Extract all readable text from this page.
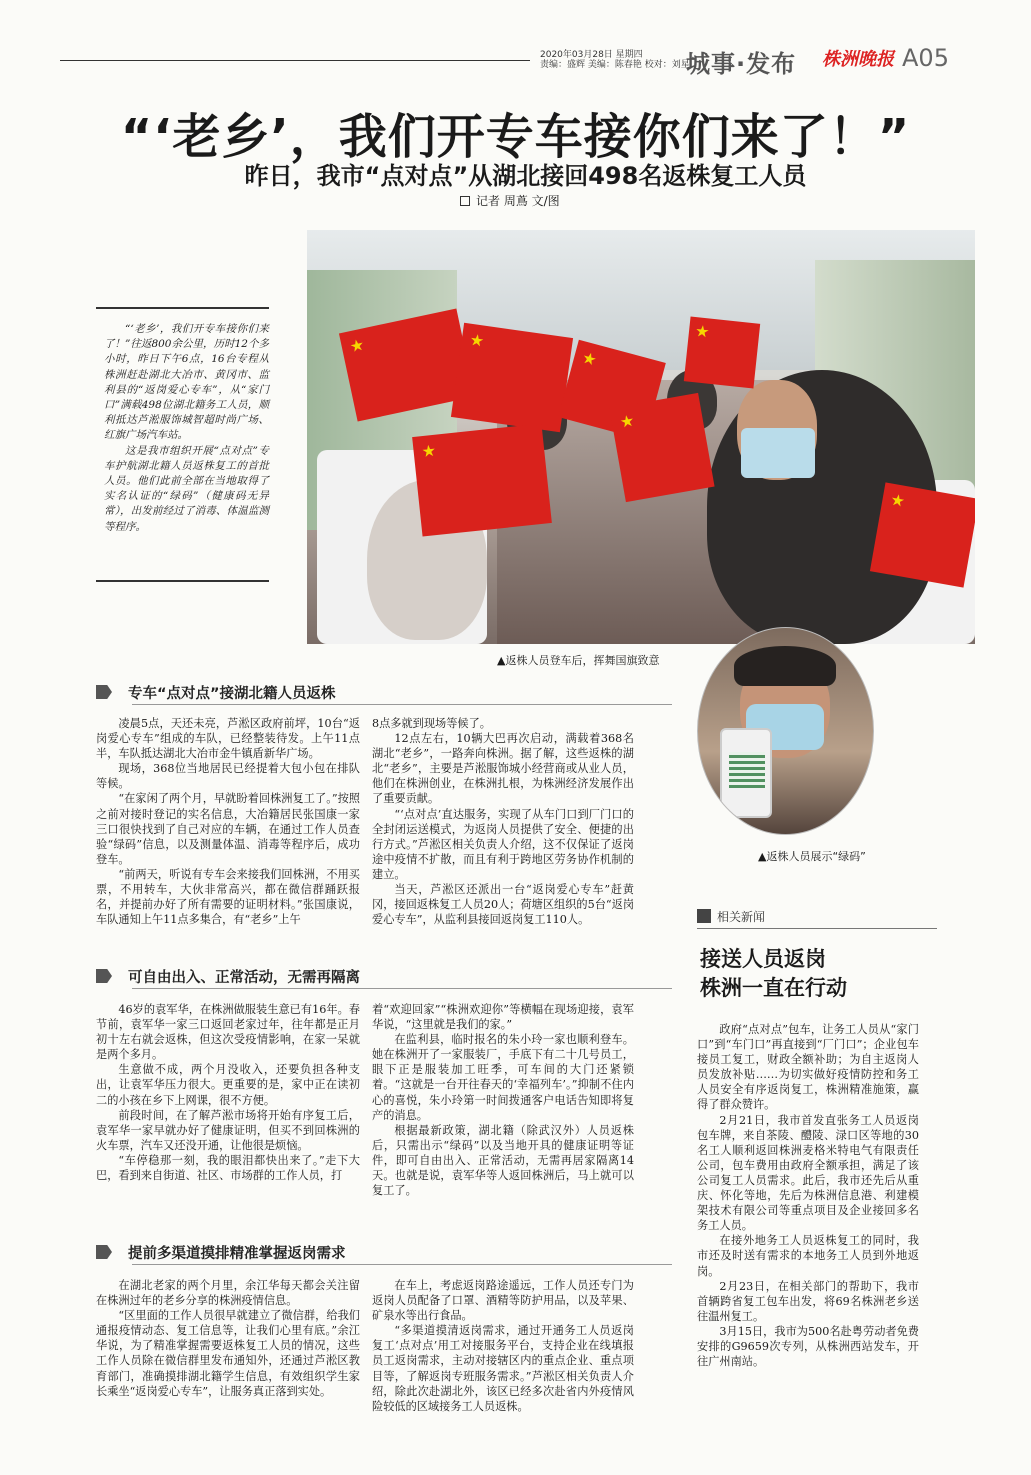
2020年03月28日 星期四
责编：盛辉 美编：陈春艳 校对：刘星
城事·发布 株洲晚报 A05
“‘老乡’，我们开专车接你们来了！”
昨日，我市“点对点”从湖北接回498名返株复工人员
记者 周蔦 文/图
★	★
★
★
★
★
★
▲返株人员登车后，挥舞国旗致意
▲返株人员展示“绿码”

“‘老乡’，我们开专车接你们来了！”往返800余公里，历时12个多小时，昨日下午6点，16台专程从株洲赶赴湖北大冶市、黄冈市、监利县的“返岗爱心专车”，从“家门口”满载498位湖北籍务工人员，顺利抵达芦淞服饰城智超时尚广场、红旗广场汽车站。

这是我市组织开展“点对点”专车护航湖北籍人员返株复工的首批人员。他们此前全部在当地取得了实名认证的“绿码”（健康码无异常），出发前经过了消毒、体温监测等程序。

专车“点对点”接湖北籍人员返株

凌晨5点，天还未亮，芦淞区政府前坪，10台“返岗爱心专车”组成的车队，已经整装待发。上午11点半，车队抵达湖北大冶市金牛镇盾新华广场。

现场，368位当地居民已经提着大包小包在排队等候。

“在家闲了两个月，早就盼着回株洲复工了。”按照之前对接时登记的实名信息，大冶籍居民张国康一家三口很快找到了自己对应的车辆，在通过工作人员查验“绿码”信息，以及测量体温、消毒等程序后，成功登车。

“前两天，听说有专车会来接我们回株洲，不用买票，不用转车，大伙非常高兴，都在微信群踊跃报名，并提前办好了所有需要的证明材料。”张国康说，车队通知上午11点多集合，有“老乡”上午

8点多就到现场等候了。

12点左右，10辆大巴再次启动，满载着368名湖北“老乡”，一路奔向株洲。据了解，这些返株的湖北“老乡”，主要是芦淞服饰城小经营商或从业人员，他们在株洲创业，在株洲扎根，为株洲经济发展作出了重要贡献。

“‘点对点’直达服务，实现了从车门口到厂门口的全封闭运送模式，为返岗人员提供了安全、便捷的出行方式。”芦淞区相关负责人介绍，这不仅保证了返岗途中疫情不扩散，而且有利于跨地区劳务协作机制的建立。

当天，芦淞区还派出一台“返岗爱心专车”赶黄冈，接回返株复工人员20人；荷塘区组织的5台“返岗爱心专车”，从监利县接回返岗复工110人。

可自由出入、正常活动，无需再隔离

46岁的袁军华，在株洲做服装生意已有16年。春节前，袁军华一家三口返回老家过年，往年都是正月初十左右就会返株，但这次受疫情影响，在家一呆就是两个多月。

生意做不成，两个月没收入，还要负担各种支出，让袁军华压力很大。更重要的是，家中正在读初二的小孩在乡下上网课，很不方便。

前段时间，在了解芦淞市场将开始有序复工后，袁军华一家早就办好了健康证明，但买不到回株洲的火车票，汽车又还没开通，让他很是烦恼。

“车停稳那一刻，我的眼泪都快出来了。”走下大巴，看到来自街道、社区、市场群的工作人员，打

着“欢迎回家”“株洲欢迎你”等横幅在现场迎接，袁军华说，“这里就是我们的家。”

在监利县，临时报名的朱小玲一家也顺利登车。她在株洲开了一家服装厂，手底下有二十几号员工，眼下正是服装加工旺季，可车间的大门还紧锁着。“这就是一台开往春天的‘幸福列车’。”抑制不住内心的喜悦，朱小玲第一时间拨通客户电话告知即将复产的消息。

根据最新政策，湖北籍（除武汉外）人员返株后，只需出示“绿码”以及当地开具的健康证明等证件，即可自由出入、正常活动，无需再居家隔离14天。也就是说，袁军华等人返回株洲后，马上就可以复工了。

提前多渠道摸排精准掌握返岗需求

在湖北老家的两个月里，余江华每天都会关注留在株洲过年的老乡分享的株洲疫情信息。

“区里面的工作人员很早就建立了微信群，给我们通报疫情动态、复工信息等，让我们心里有底。”余江华说，为了精准掌握需要返株复工人员的情况，这些工作人员除在微信群里发布通知外，还通过芦淞区教育部门，准确摸排湖北籍学生信息，有效组织学生家长乘坐“返岗爱心专车”，让服务真正落到实处。

在车上，考虑返岗路途遥远，工作人员还专门为返岗人员配备了口罩、酒精等防护用品，以及苹果、矿泉水等出行食品。

“多渠道摸清返岗需求，通过开通务工人员返岗复工‘点对点’用工对接服务平台，支持企业在线填报员工返岗需求，主动对接辖区内的重点企业、重点项目等，了解返岗专班服务需求。”芦淞区相关负责人介绍，除此次赴湖北外，该区已经多次赴省内外疫情风险较低的区域接务工人员返株。

相关新闻
接送人员返岗
株洲一直在行动

政府“点对点”包车，让务工人员从“家门口”到“车门口”再直接到“厂门口”；企业包车接员工复工，财政全额补助；为自主返岗人员发放补贴……为切实做好疫情防控和务工人员安全有序返岗复工，株洲精准施策，赢得了群众赞许。

2月21日，我市首发直张务工人员返岗包车牌，来自茶陵、醴陵、渌口区等地的30名工人顺利返回株洲麦格米特电气有限责任公司，包车费用由政府全额承担，满足了该公司复工人员需求。此后，我市还先后从重庆、怀化等地，先后为株洲信息港、利建模架技术有限公司等重点项目及企业接回多名务工人员。

在接外地务工人员返株复工的同时，我市还及时送有需求的本地务工人员到外地返岗。

2月23日，在相关部门的帮助下，我市首辆跨省复工包车出发，将69名株洲老乡送往温州复工。

3月15日，我市为500名赴粤劳动者免费安排的G9659次专列，从株洲西站发车，开往广州南站。
